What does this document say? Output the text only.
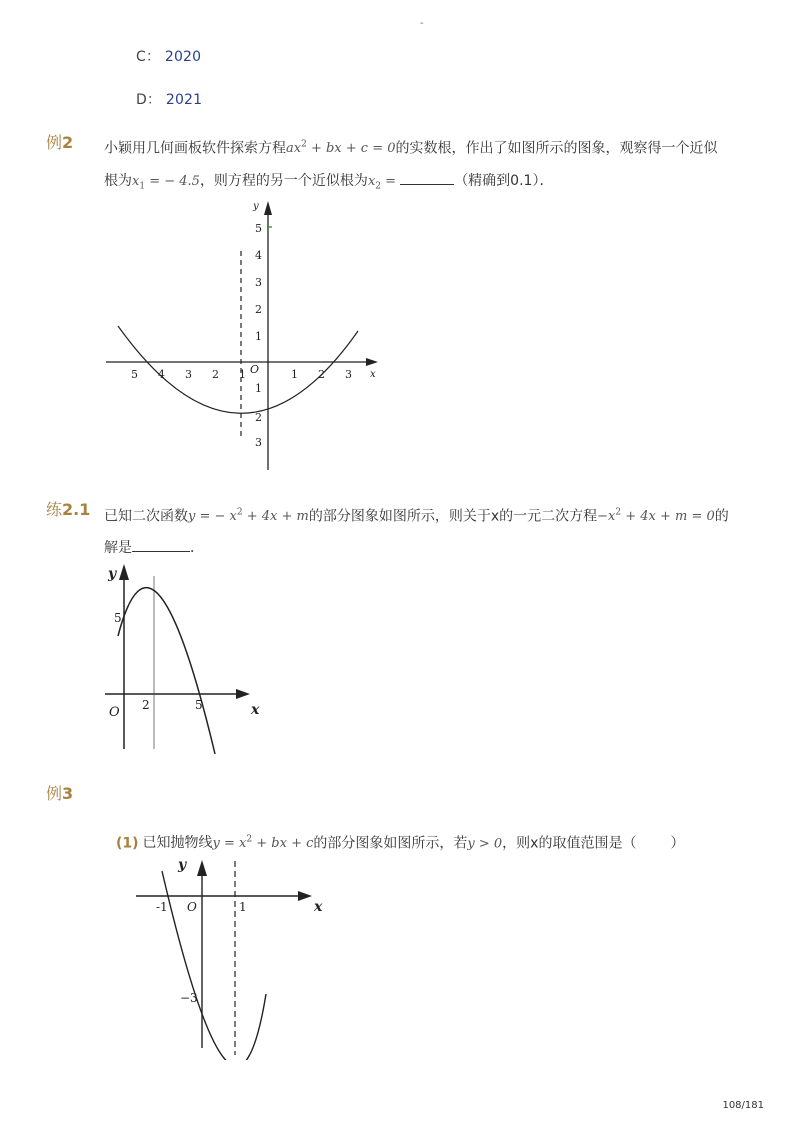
-
C： 2020
D： 2021
例2 小颖用几何画板软件探索方程$ax^2$ + bx + c = 0的实数根，作出了如图所示的图象，观察得一个近似
根为$x_1$ = − 4.5，则方程的另一个近似根为$x_2$ =	（精确到0.1）．
x
y
O
5 4 3 2 1	1 2 3
1
2
3
4
5
1
2
3
练2.1 已知二次函数y = − $x^2 + 4x + m$的部分图象如图所示，则关于x的一元二次方程$-x^2 + 4x + m = 0$的
解是	．
y
x
O 2	5
5
例3
(1) 已知抛物线$y = x^2$ + bx + c的部分图象如图所示，若y > 0，则x的取值范围是（ ）
y
x
O
-1	1
−3
108/181
